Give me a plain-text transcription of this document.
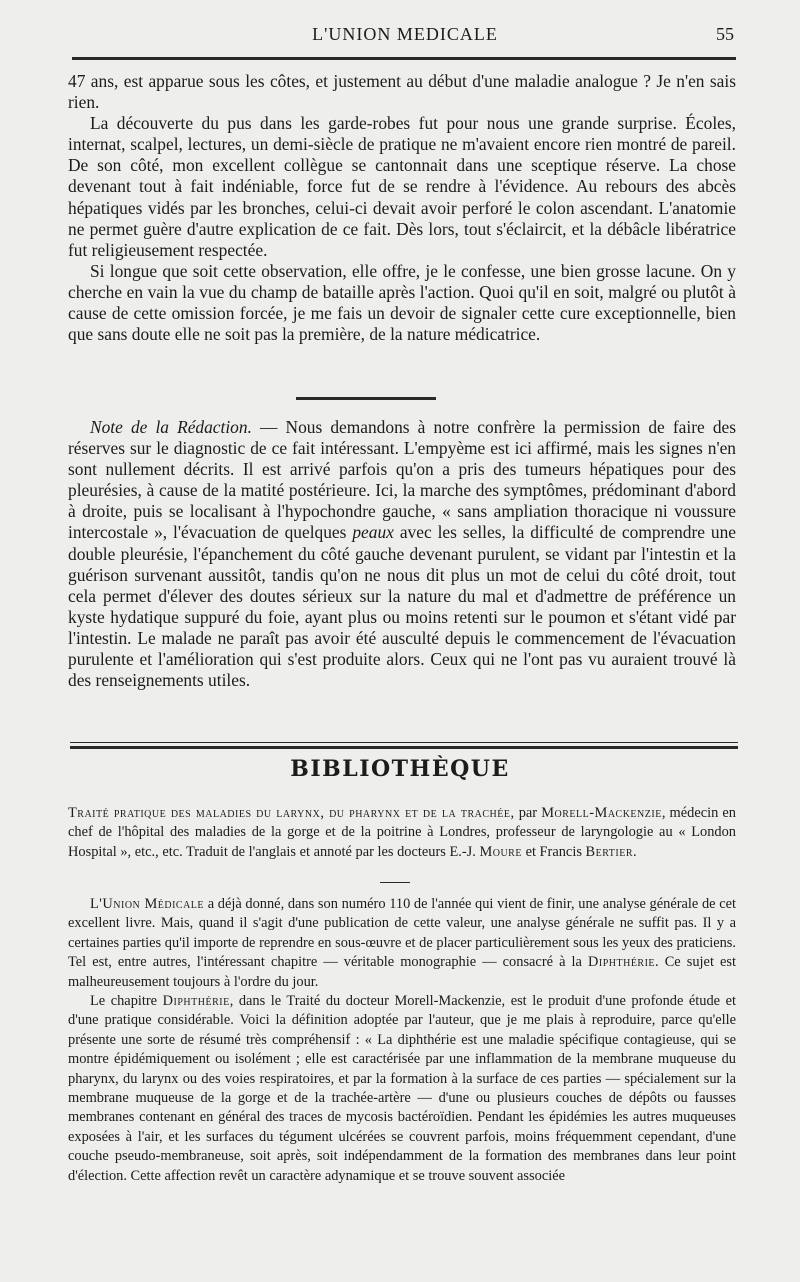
L'UNION MEDICALE	55

47 ans, est apparue sous les côtes, et justement au début d'une maladie analogue ? Je n'en sais rien.

La découverte du pus dans les garde-robes fut pour nous une grande surprise. Écoles, internat, scalpel, lectures, un demi-siècle de pratique ne m'avaient encore rien montré de pareil. De son côté, mon excellent collègue se cantonnait dans une sceptique réserve. La chose devenant tout à fait indéniable, force fut de se rendre à l'évidence. Au rebours des abcès hépatiques vidés par les bronches, celui-ci devait avoir perforé le colon ascendant. L'anatomie ne permet guère d'autre explication de ce fait. Dès lors, tout s'éclaircit, et la débâcle libératrice fut religieusement respectée.

Si longue que soit cette observation, elle offre, je le confesse, une bien grosse lacune. On y cherche en vain la vue du champ de bataille après l'action. Quoi qu'il en soit, malgré ou plutôt à cause de cette omission forcée, je me fais un devoir de signaler cette cure exceptionnelle, bien que sans doute elle ne soit pas la première, de la nature médicatrice.

Note de la Rédaction. — Nous demandons à notre confrère la permission de faire des réserves sur le diagnostic de ce fait intéressant. L'empyème est ici affirmé, mais les signes n'en sont nullement décrits. Il est arrivé parfois qu'on a pris des tumeurs hépatiques pour des pleurésies, à cause de la matité postérieure. Ici, la marche des symptômes, prédominant d'abord à droite, puis se localisant à l'hypochondre gauche, « sans ampliation thoracique ni voussure intercostale », l'évacuation de quelques peaux avec les selles, la difficulté de comprendre une double pleurésie, l'épanchement du côté gauche devenant purulent, se vidant par l'intestin et la guérison survenant aussitôt, tandis qu'on ne nous dit plus un mot de celui du côté droit, tout cela permet d'élever des doutes sérieux sur la nature du mal et d'admettre de préférence un kyste hydatique suppuré du foie, ayant plus ou moins retenti sur le poumon et s'étant vidé par l'intestin. Le malade ne paraît pas avoir été ausculté depuis le commencement de l'évacuation purulente et l'amélioration qui s'est produite alors. Ceux qui ne l'ont pas vu auraient trouvé là des renseignements utiles.

BIBLIOTHÈQUE

Traité pratique des maladies du larynx, du pharynx et de la trachée, par Morell-Mackenzie, médecin en chef de l'hôpital des maladies de la gorge et de la poitrine à Londres, professeur de laryngologie au « London Hospital », etc., etc. Traduit de l'anglais et annoté par les docteurs E.-J. Moure et Francis Bertier.

L'Union Médicale a déjà donné, dans son numéro 110 de l'année qui vient de finir, une analyse générale de cet excellent livre. Mais, quand il s'agit d'une publication de cette valeur, une analyse générale ne suffit pas. Il y a certaines parties qu'il importe de reprendre en sous-œuvre et de placer particulièrement sous les yeux des praticiens. Tel est, entre autres, l'intéressant chapitre — véritable monographie — consacré à la Diphthérie. Ce sujet est malheureusement toujours à l'ordre du jour.

Le chapitre Diphthérie, dans le Traité du docteur Morell-Mackenzie, est le produit d'une profonde étude et d'une pratique considérable. Voici la définition adoptée par l'auteur, que je me plais à reproduire, parce qu'elle présente une sorte de résumé très compréhensif : « La diphthérie est une maladie spécifique contagieuse, qui se montre épidémiquement ou isolément ; elle est caractérisée par une inflammation de la membrane muqueuse du pharynx, du larynx ou des voies respiratoires, et par la formation à la surface de ces parties — spécialement sur la membrane muqueuse de la gorge et de la trachée-artère — d'une ou plusieurs couches de dépôts ou fausses membranes contenant en général des traces de mycosis bactéroïdien. Pendant les épidémies les autres muqueuses exposées à l'air, et les surfaces du tégument ulcérées se couvrent parfois, moins fréquemment cependant, d'une couche pseudo-membraneuse, soit après, soit indépendamment de la formation des membranes dans leur point d'élection. Cette affection revêt un caractère adynamique et se trouve souvent associée
